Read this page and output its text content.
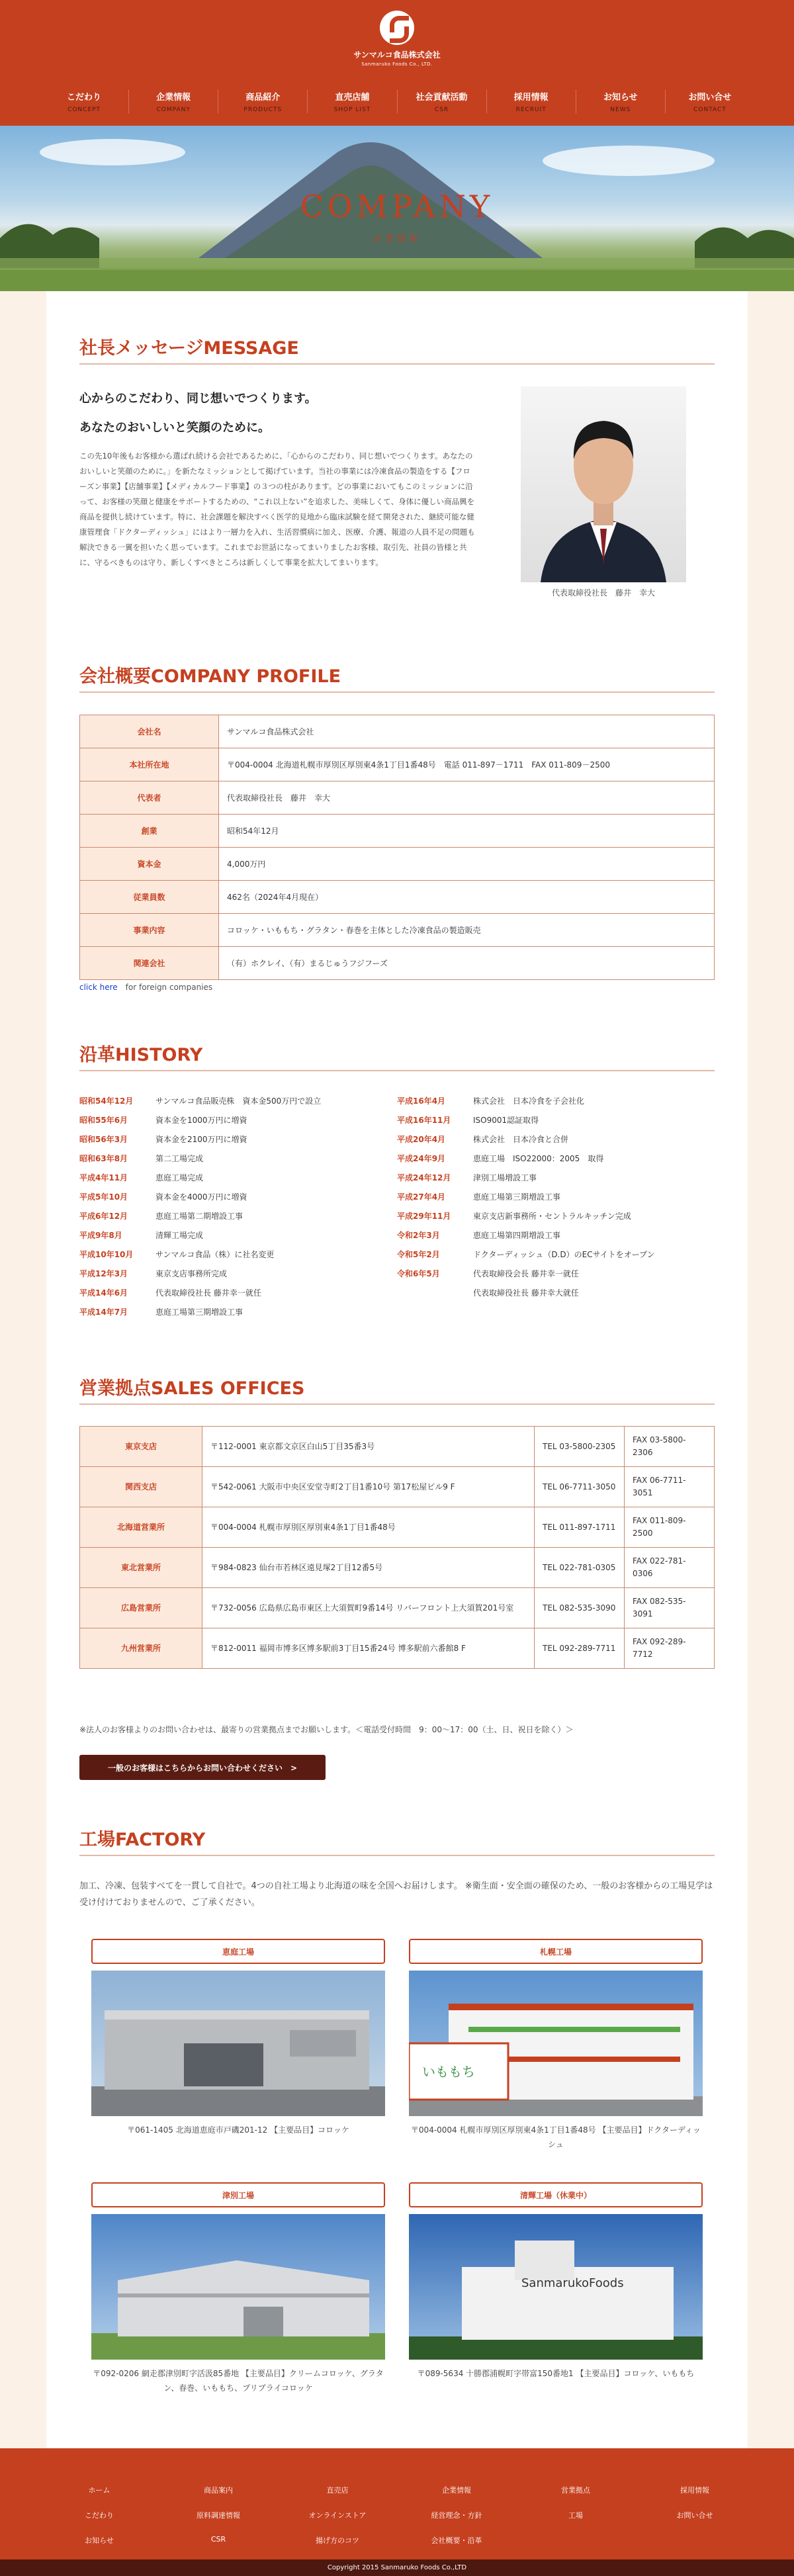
サンマルコ食品株式会社
Sanmaruko Foods Co., LTD.
こだわり
CONCEPT
企業情報
COMPANY
商品紹介
PRODUCTS
直売店舗
SHOP LIST
社会貢献活動
CSR
採用情報
RECRUIT
お知らせ
NEWS
お問い合せ
CONTACT
COMPANY
企業情報
社長メッセージMESSAGE
心からのこだわり、同じ想いでつくります。
あなたのおいしいと笑顔のために。
この先10年後もお客様から選ばれ続ける会社であるために、「心からのこだわり、同じ想いでつくります。あなたのおいしいと笑顔のために。」を新たなミッションとして掲げています。当社の事業には冷凍食品の製造をする【フローズン事業】【店舗事業】【メディカルフード事業】の３つの柱があります。どの事業においてもこのミッションに沿って、お客様の笑顔と健康をサポートするための、“これ以上ない”を追求した、美味しくて、身体に優しい商品興を商品を提供し続けています。特に、社会課題を解決すべく医学的見地から臨床試験を経て開発された、継続可能な健康管理食「ドクターディッシュ」にはより一層力を入れ、生活習慣病に加え、医療、介護、報道の人員不足の問題も解決できる一翼を担いたく思っています。これまでお世話になってまいりましたお客様、取引先、社員の皆様と共に、守るべきものは守り、新しくすべきところは新しくして事業を拡大してまいります。
代表取締役社長　藤井　幸大
会社概要COMPANY PROFILE
会社名	サンマルコ食品株式会社
本社所在地	〒004-0004 北海道札幌市厚別区厚別東4条1丁目1番48号　電話 011-897－1711　FAX 011-809－2500
代表者	代表取締役社長　藤井　幸大
創業	昭和54年12月
資本金	4,000万円
従業員数	462名（2024年4月現在）
事業内容	コロッケ・いももち・グラタン・春巻を主体とした冷凍食品の製造販売
関連会社	（有）ホクレイ、（有）まるじゅうフジフーズ
click here for foreign companies
沿革HISTORY
昭和54年12月	サンマルコ食品販売株　資本金500万円で設立
昭和55年6月	資本金を1000万円に増資
昭和56年3月	資本金を2100万円に増資
昭和63年8月	第二工場完成
平成4年11月	恵庭工場完成
平成5年10月	資本金を4000万円に増資
平成6年12月	恵庭工場第二期増設工事
平成9年8月	清輝工場完成
平成10年10月	サンマルコ食品（株）に社名変更
平成12年3月	東京支店事務所完成
平成14年6月	代表取締役社長 藤井幸一就任
平成14年7月	恵庭工場第三期増設工事
平成16年4月	株式会社　日本冷食を子会社化
平成16年11月	ISO9001認証取得
平成20年4月	株式会社　日本冷食と合併
平成24年9月	恵庭工場　ISO22000：2005　取得
平成24年12月	津別工場増設工事
平成27年4月	恵庭工場第三期増設工事
平成29年11月	東京支店新事務所・セントラルキッチン完成
令和2年3月	恵庭工場第四期増設工事
令和5年2月	ドクターディッシュ（D.D）のECサイトをオープン
令和6年5月	代表取締役会長 藤井幸一就任
代表取締役社長 藤井幸大就任
営業拠点SALES OFFICES
東京支店	〒112-0001 東京都文京区白山5丁目35番3号	TEL 03-5800-2305	FAX 03-5800-2306
関西支店	〒542-0061 大阪市中央区安堂寺町2丁目1番10号 第17松屋ビル9 F	TEL 06-7711-3050	FAX 06-7711-3051
北海道営業所	〒004-0004 札幌市厚別区厚別東4条1丁目1番48号	TEL 011-897-1711	FAX 011-809-2500
東北営業所	〒984-0823 仙台市若林区遠見塚2丁目12番5号	TEL 022-781-0305	FAX 022-781-0306
広島営業所	〒732-0056 広島県広島市東区上大須賀町9番14号 リバーフロント上大須賀201号室	TEL 082-535-3090	FAX 082-535-3091
九州営業所	〒812-0011 福岡市博多区博多駅前3丁目15番24号 博多駅前六番館8 F	TEL 092-289-7711	FAX 092-289-7712
※法人のお客様よりのお問い合わせは、最寄りの営業拠点までお願いします。＜電話受付時間　9：00～17：00（土、日、祝日を除く）＞
一般のお客様はこちらからお問い合わせください　>
工場FACTORY
加工、冷凍、包装すべてを一貫して自社で。4つの自社工場より北海道の味を全国へお届けします。 ※衛生面・安全面の確保のため、一般のお客様からの工場見学は受け付けておりませんので、ご了承ください。
恵庭工場
〒061-1405 北海道恵庭市戸磯201-12 【主要品目】コロッケ
札幌工場
いももち
〒004-0004 札幌市厚別区厚別東4条1丁目1番48号 【主要品目】ドクターディッシュ
津別工場
〒092-0206 網走郡津別町字活汲85番地 【主要品目】クリームコロッケ、グラタン、春巻、いももち、プリプライコロッケ
清輝工場（休業中）
SanmarukoFoods
〒089-5634 十勝郡浦幌町字帯富150番地1 【主要品目】コロッケ、いももち
ホーム	商品案内	直売店	企業情報	営業拠点	採用情報
こだわり	原料調達情報	オンラインストア	経営理念・方針	工場	お問い合せ
お知らせ	CSR	揚げ方のコツ	会社概要・沿革
Copyright 2015 Sanmaruko Foods Co.,LTD
